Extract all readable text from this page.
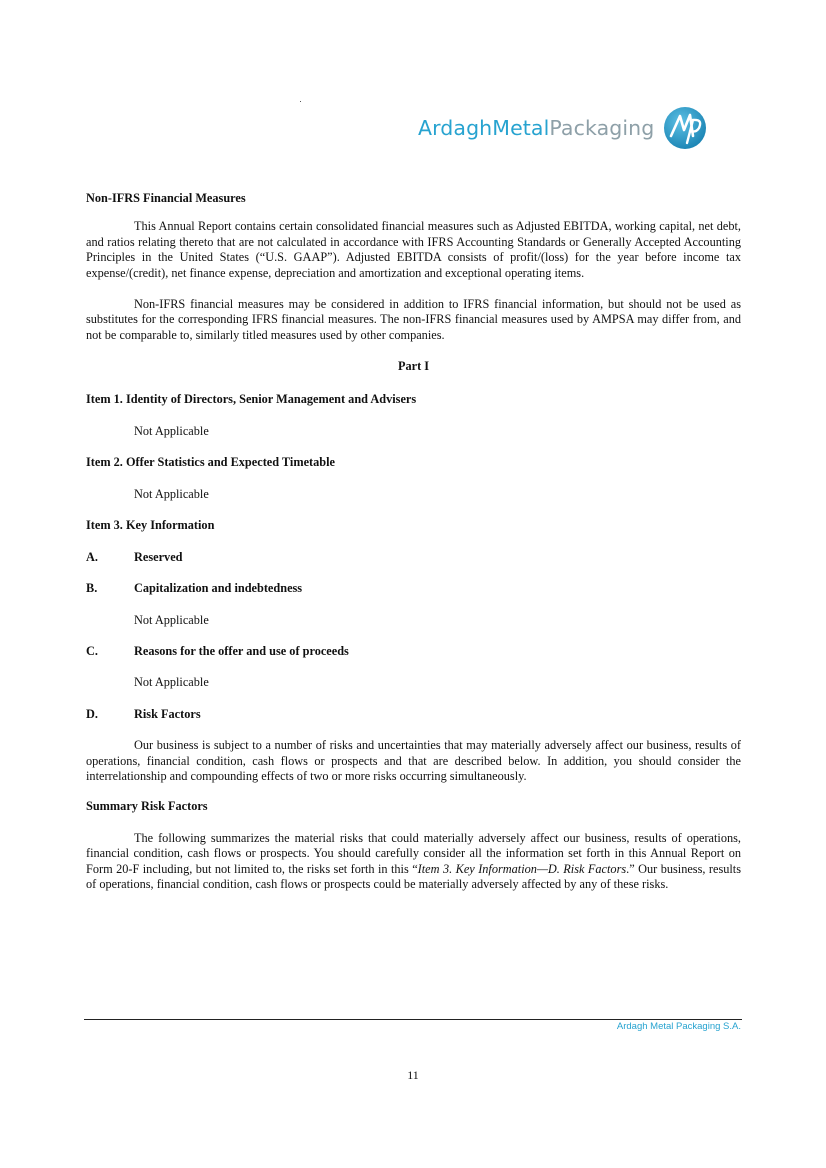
ArdaghMetalPackaging

Non-IFRS Financial Measures

This Annual Report contains certain consolidated financial measures such as Adjusted EBITDA, working capital, net debt, and ratios relating thereto that are not calculated in accordance with IFRS Accounting Standards or Generally Accepted Accounting Principles in the United States (“U.S. GAAP”). Adjusted EBITDA consists of profit/(loss) for the year before income tax expense/(credit), net finance expense, depreciation and amortization and exceptional operating items.

Non-IFRS financial measures may be considered in addition to IFRS financial information, but should not be used as substitutes for the corresponding IFRS financial measures. The non-IFRS financial measures used by AMPSA may differ from, and not be comparable to, similarly titled measures used by other companies.

Part I

Item 1. Identity of Directors, Senior Management and Advisers

Not Applicable

Item 2. Offer Statistics and Expected Timetable

Not Applicable

Item 3. Key Information

A.	Reserved
B.	Capitalization and indebtedness

Not Applicable

C.	Reasons for the offer and use of proceeds

Not Applicable

D.	Risk Factors

Our business is subject to a number of risks and uncertainties that may materially adversely affect our business, results of operations, financial condition, cash flows or prospects and that are described below. In addition, you should consider the interrelationship and compounding effects of two or more risks occurring simultaneously.

Summary Risk Factors

The following summarizes the material risks that could materially adversely affect our business, results of operations, financial condition, cash flows or prospects. You should carefully consider all the information set forth in this Annual Report on Form 20-F including, but not limited to, the risks set forth in this “Item 3. Key Information—D. Risk Factors.” Our business, results of operations, financial condition, cash flows or prospects could be materially adversely affected by any of these risks.

Ardagh Metal Packaging S.A.
11
